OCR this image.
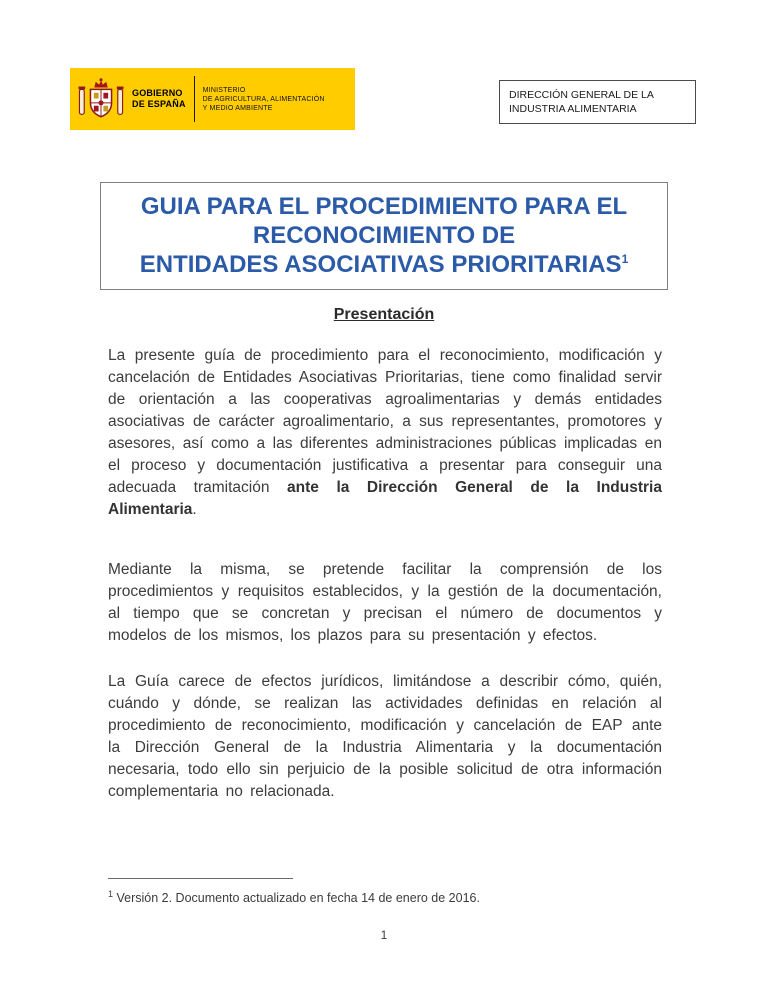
GOBIERNO
DE ESPAÑA
MINISTERIO
DE AGRICULTURA, ALIMENTACIÓN
Y MEDIO AMBIENTE
DIRECCIÓN GENERAL DE LA
INDUSTRIA ALIMENTARIA
GUIA PARA EL PROCEDIMIENTO PARA EL
RECONOCIMIENTO DE
ENTIDADES ASOCIATIVAS PRIORITARIAS$^1$
Presentación

La presente guía de procedimiento para el reconocimiento, modificación y cancelación de Entidades Asociativas Prioritarias, tiene como finalidad servir de orientación a las cooperativas agroalimentarias y demás entidades asociativas de carácter agroalimentario, a sus representantes, promotores y asesores, así como a las diferentes administraciones públicas implicadas en el proceso y documentación justificativa a presentar para conseguir una adecuada tramitación ante la Dirección General de la Industria Alimentaria.

Mediante la misma, se pretende facilitar la comprensión de los procedimientos y requisitos establecidos, y la gestión de la documentación, al tiempo que se concretan y precisan el número de documentos y modelos de los mismos, los plazos para su presentación y efectos.

La Guía carece de efectos jurídicos, limitándose a describir cómo, quién, cuándo y dónde, se realizan las actividades definidas en relación al procedimiento de reconocimiento, modificación y cancelación de EAP ante la Dirección General de la Industria Alimentaria y la documentación necesaria, todo ello sin perjuicio de la posible solicitud de otra información complementaria no relacionada.

$^1$ Versión 2. Documento actualizado en fecha 14 de enero de 2016.
1
